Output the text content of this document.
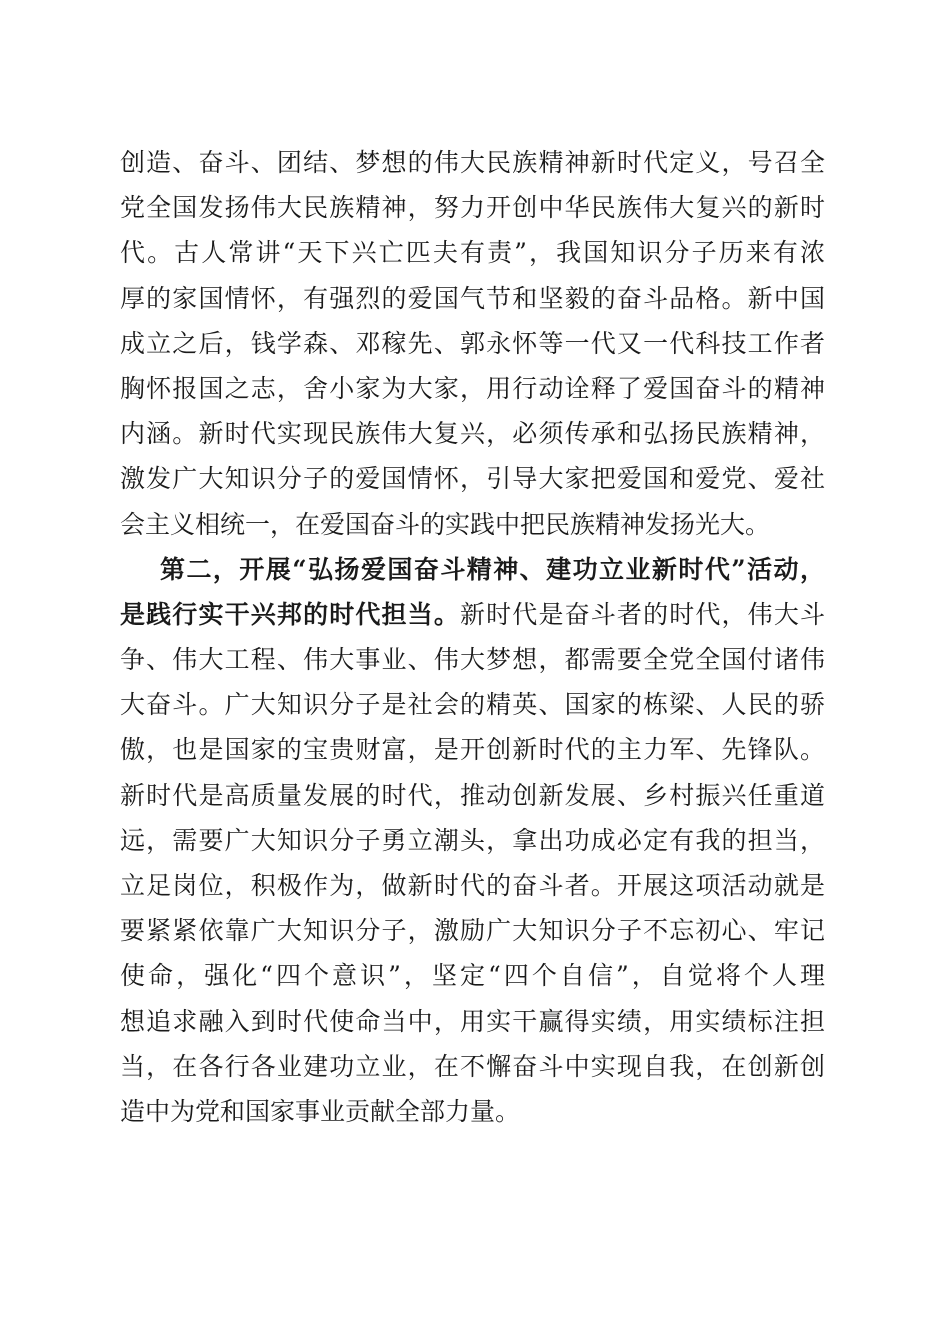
创造、奋斗、团结、梦想的伟大民族精神新时代定义，号召全
党全国发扬伟大民族精神，努力开创中华民族伟大复兴的新时
代。古人常讲“天下兴亡匹夫有责”，我国知识分子历来有浓
厚的家国情怀，有强烈的爱国气节和坚毅的奋斗品格。新中国
成立之后，钱学森、邓稼先、郭永怀等一代又一代科技工作者
胸怀报国之志，舍小家为大家，用行动诠释了爱国奋斗的精神
内涵。新时代实现民族伟大复兴，必须传承和弘扬民族精神，
激发广大知识分子的爱国情怀，引导大家把爱国和爱党、爱社
会主义相统一，在爱国奋斗的实践中把民族精神发扬光大。
第二，开展“弘扬爱国奋斗精神、建功立业新时代”活动，
是践行实干兴邦的时代担当。新时代是奋斗者的时代，伟大斗
争、伟大工程、伟大事业、伟大梦想，都需要全党全国付诸伟
大奋斗。广大知识分子是社会的精英、国家的栋梁、人民的骄
傲，也是国家的宝贵财富，是开创新时代的主力军、先锋队。
新时代是高质量发展的时代，推动创新发展、乡村振兴任重道
远，需要广大知识分子勇立潮头，拿出功成必定有我的担当，
立足岗位，积极作为，做新时代的奋斗者。开展这项活动就是
要紧紧依靠广大知识分子，激励广大知识分子不忘初心、牢记
使命，强化“四个意识”，坚定“四个自信”，自觉将个人理
想追求融入到时代使命当中，用实干赢得实绩，用实绩标注担
当，在各行各业建功立业，在不懈奋斗中实现自我，在创新创
造中为党和国家事业贡献全部力量。
